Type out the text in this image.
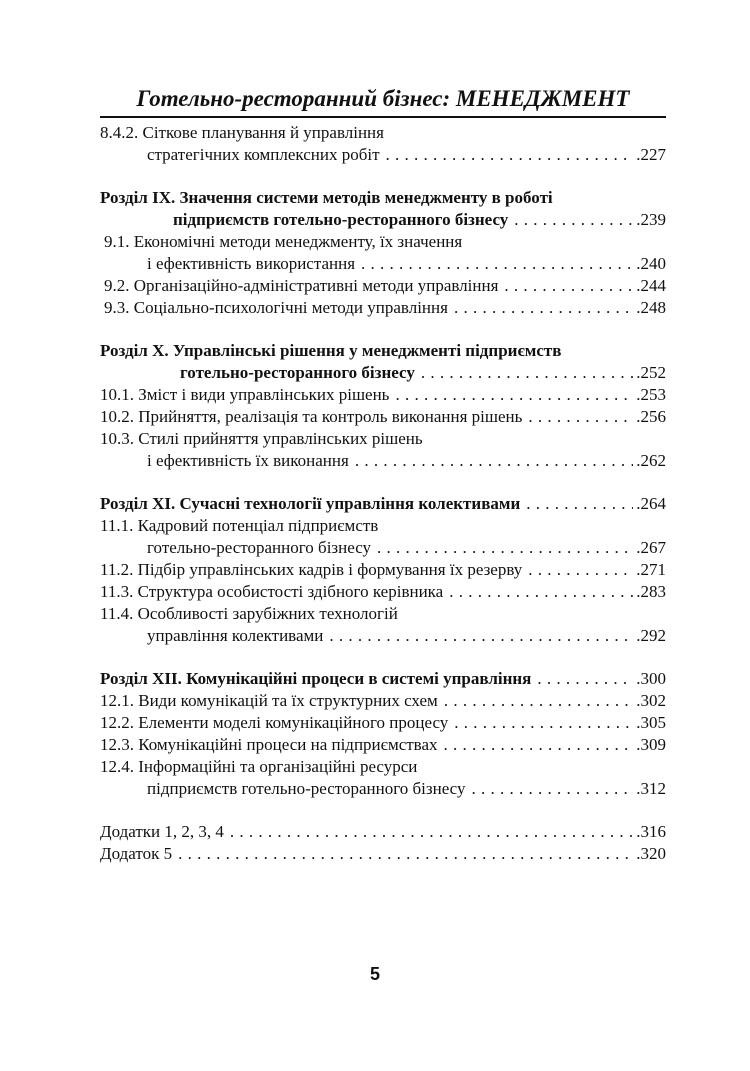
Готельно-ресторанний бізнес: МЕНЕДЖМЕНТ
8.4.2. Сіткове планування й управління
стратегічних комплексних робіт . . .	.227
Розділ IX. Значення системи методів менеджменту в роботі
підприємств готельно-ресторанного бізнесу . . .	.239
9.1. Економічні методи менеджменту, їх значення
і ефективність використання . . .	.240
9.2. Організаційно-адміністративні методи управління . . .	.244
9.3. Соціально-психологічні методи управління . . .	.248
Розділ X. Управлінські рішення у менеджменті підприємств
готельно-ресторанного бізнесу . . .	.252
10.1. Зміст і види управлінських рішень . . .	.253
10.2. Прийняття, реалізація та контроль виконання рішень . . .	.256
10.3. Стилі прийняття управлінських рішень
і ефективність їх виконання . . .	.262
Розділ XI. Сучасні технології управління колективами . . .	.264
11.1. Кадровий потенціал підприємств
готельно-ресторанного бізнесу . . .	.267
11.2. Підбір управлінських кадрів і формування їх резерву . . .	.271
11.3. Структура особистості здібного керівника . . .	.283
11.4. Особливості зарубіжних технологій
управління колективами . . .	.292
Розділ XII. Комунікаційні процеси в системі управління . . .	.300
12.1. Види комунікацій та їх структурних схем . . .	.302
12.2. Елементи моделі комунікаційного процесу . . .	.305
12.3. Комунікаційні процеси на підприємствах . . .	.309
12.4. Інформаційні та організаційні ресурси
підприємств готельно-ресторанного бізнесу . . .	.312
Додатки 1, 2, 3, 4 . . .	.316
Додаток 5 . . .	.320
5
